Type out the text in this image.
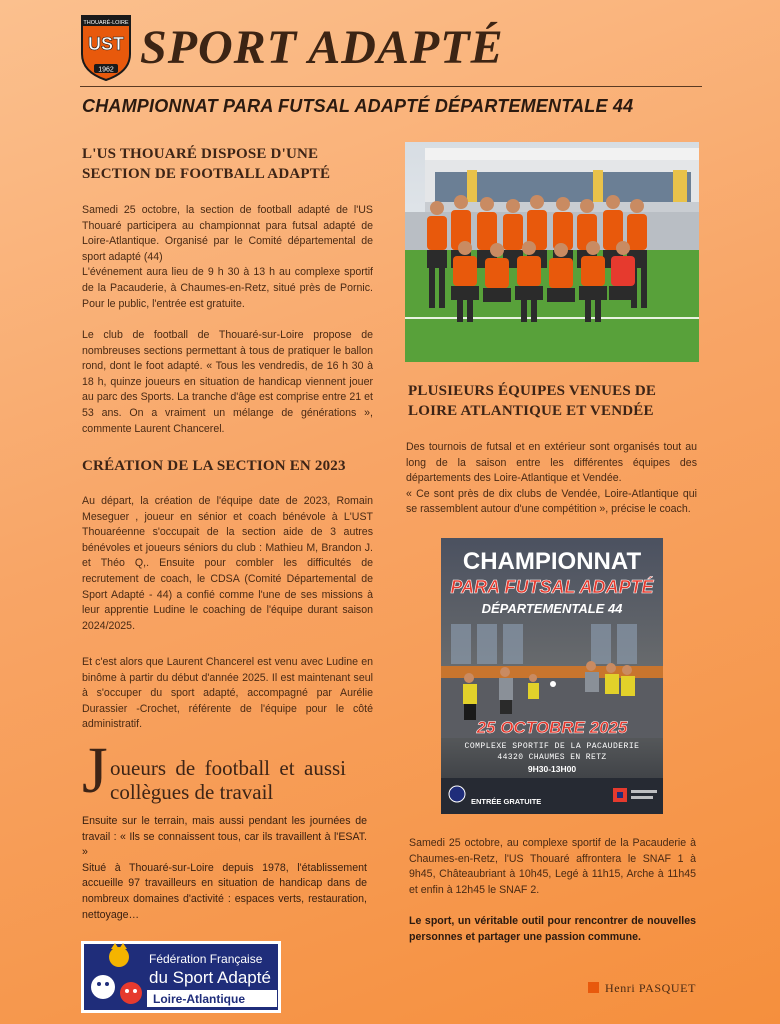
THOUARÉ-LOIRE
UST
1962 SPORT ADAPTÉ
CHAMPIONNAT PARA FUTSAL ADAPTÉ DÉPARTEMENTALE 44
L'US THOUARÉ DISPOSE D'UNE SECTION DE FOOTBALL ADAPTÉ

Samedi 25 octobre, la section de football adapté de l'US Thouaré participera au championnat para futsal adapté de Loire-Atlantique. Organisé par le Comité départemental de sport adapté (44)

L'événement aura lieu de 9 h 30 à 13 h au complexe sportif de la Pacauderie, à Chaumes-en-Retz, situé près de Pornic. Pour le public, l'entrée est gratuite.

Le club de football de Thouaré-sur-Loire propose de nombreuses sections permettant à tous de pratiquer le ballon rond, dont le foot adapté. « Tous les vendredis, de 16 h 30 à 18 h, quinze joueurs en situation de handicap viennent jouer au parc des Sports. La tranche d'âge est comprise entre 21 et 53 ans. On a vraiment un mélange de générations », commente Laurent Chancerel.
CRÉATION DE LA SECTION EN 2023
Au départ, la création de l'équipe date de 2023, Romain Meseguer , joueur en sénior et coach bénévole à L'UST Thouaréenne s'occupait de la section aide de 3 autres bénévoles et joueurs séniors du club : Mathieu M, Brandon J. et Théo Q,. Ensuite pour combler les difficultés de recrutement de coach, le CDSA (Comité Départemental de Sport Adapté - 44) a confié comme l'une de ses missions à leur apprentie Ludine le coaching de l'équipe durant saison 2024/2025.
Et c'est alors que Laurent Chancerel est venu avec Ludine en binôme à partir du début d'année 2025. Il est maintenant seul à s'occuper du sport adapté, accompagné par Aurélie Durassier -Crochet, référente de l'équipe pour le côté administratif.
J oueurs de football et aussi collègues de travail

Ensuite sur le terrain, mais aussi pendant les journées de travail : « Ils se connaissent tous, car ils travaillent à l'ESAT. »

Situé à Thouaré-sur-Loire depuis 1978, l'établissement accueille 97 travailleurs en situation de handicap dans de nombreux domaines d'activité : espaces verts, restauration, nettoyage…

Fédération Française
du Sport Adapté
Loire-Atlantique
PLUSIEURS ÉQUIPES VENUES DE LOIRE ATLANTIQUE ET VENDÉE

Des tournois de futsal et en extérieur sont organisés tout au long de la saison entre les différentes équipes des départements des Loire-Atlantique et Vendée.

« Ce sont près de dix clubs de Vendée, Loire-Atlantique qui se rassemblent autour d'une compétition », précise le coach.

CHAMPIONNAT
PARA FUTSAL ADAPTÉ
DÉPARTEMENTALE 44
25 OCTOBRE 2025
COMPLEXE SPORTIF DE LA PACAUDERIE
44320 CHAUMES EN RETZ
9H30-13H00
ENTRÉE GRATUITE
Samedi 25 octobre, au complexe sportif de la Pacauderie à Chaumes-en-Retz, l'US Thouaré affrontera le SNAF 1 à 9h45, Châteaubriant à 10h45, Legé à 11h15, Arche à 11h45 et enfin à 12h45 le SNAF 2.
Le sport, un véritable outil pour rencontrer de nouvelles personnes et partager une passion commune.
Henri PASQUET
